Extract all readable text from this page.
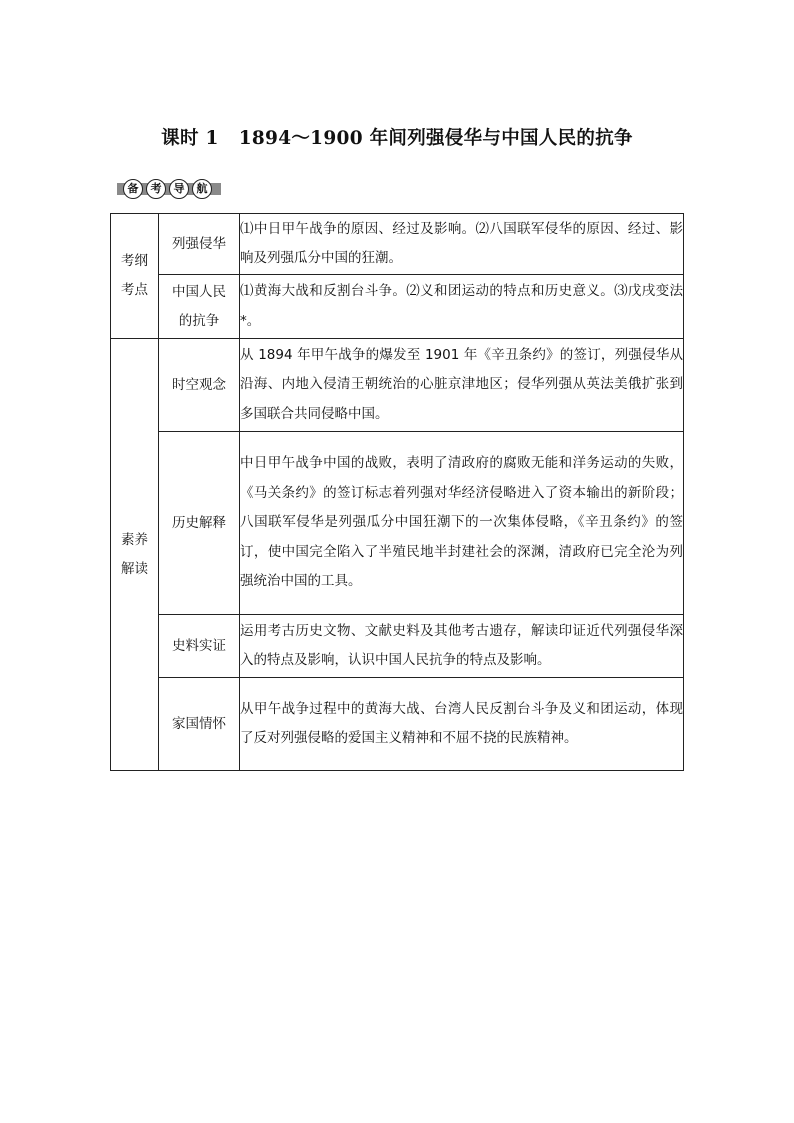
课时 1 1894～1900 年间列强侵华与中国人民的抗争
备	考	导	航
考纲
考点	列强侵华	⑴中日甲午战争的原因、经过及影响。⑵八国联军侵华的原因、经过、影响及列强瓜分中国的狂潮。

	中国人民
的抗争	⑴黄海大战和反割台斗争。⑵义和团运动的特点和历史意义。⑶戊戌变法*。

素养
解读	时空观念	从 1894 年甲午战争的爆发至 1901 年《辛丑条约》的签订，列强侵华从沿海、内地入侵清王朝统治的心脏京津地区；侵华列强从英法美俄扩张到多国联合共同侵略中国。
	历史解释	中日甲午战争中国的战败，表明了清政府的腐败无能和洋务运动的失败，《马关条约》的签订标志着列强对华经济侵略进入了资本输出的新阶段；八国联军侵华是列强瓜分中国狂潮下的一次集体侵略，《辛丑条约》的签订，使中国完全陷入了半殖民地半封建社会的深渊，清政府已完全沦为列强统治中国的工具。
	史料实证	运用考古历史文物、文献史料及其他考古遗存，解读印证近代列强侵华深入的特点及影响，认识中国人民抗争的特点及影响。
	家国情怀	从甲午战争过程中的黄海大战、台湾人民反割台斗争及义和团运动，体现了反对列强侵略的爱国主义精神和不屈不挠的民族精神。
